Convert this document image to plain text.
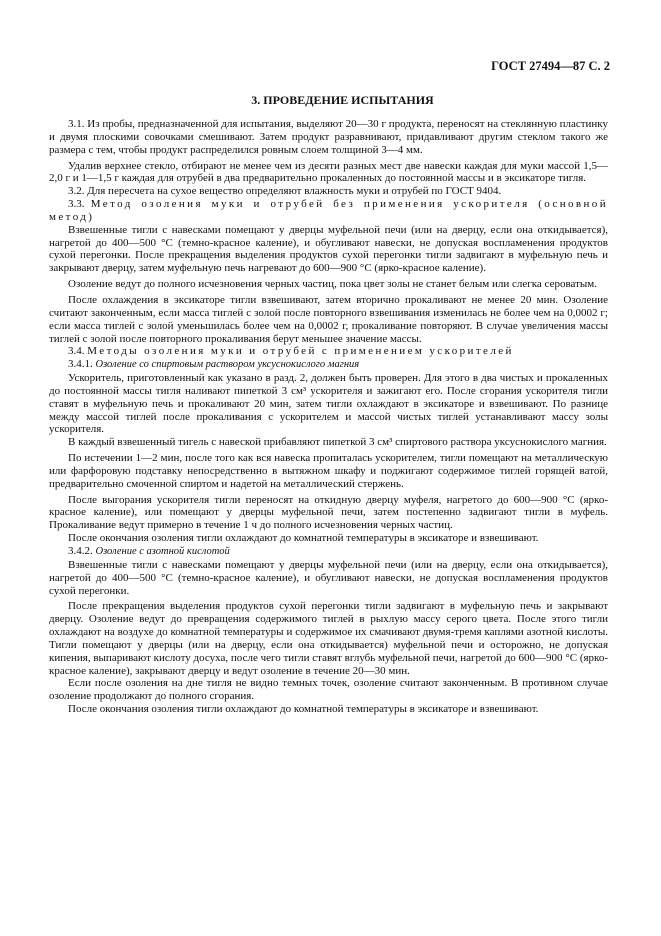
ГОСТ 27494—87 С. 2
3. ПРОВЕДЕНИЕ ИСПЫТАНИЯ

3.1. Из пробы, предназначенной для испытания, выделяют 20—30 г продукта, переносят на стеклянную пластинку и двумя плоскими совочками смешивают. Затем продукт разравнивают, придавливают другим стеклом такого же размера с тем, чтобы продукт распределился ровным слоем толщиной 3—4 мм.

Удалив верхнее стекло, отбирают не менее чем из десяти разных мест две навески каждая для муки массой 1,5—2,0 г и 1—1,5 г каждая для отрубей в два предварительно прокаленных до постоянной массы и в эксикаторе тигля.

3.2. Для пересчета на сухое вещество определяют влажность муки и отрубей по ГОСТ 9404.

3.3. Метод озоления муки и отрубей без применения ускорителя (основной метод)

Взвешенные тигли с навесками помещают у дверцы муфельной печи (или на дверцу, если она откидывается), нагретой до 400—500 °С (темно-красное каление), и обугливают навески, не допуская воспламенения продуктов сухой перегонки. После прекращения выделения продуктов сухой перегонки тигли задвигают в муфельную печь и закрывают дверцу, затем муфельную печь нагревают до 600—900 °С (ярко-красное каление).

Озоление ведут до полного исчезновения черных частиц, пока цвет золы не станет белым или слегка сероватым.

После охлаждения в эксикаторе тигли взвешивают, затем вторично прокаливают не менее 20 мин. Озоление считают законченным, если масса тиглей с золой после повторного взвешивания изменилась не более чем на 0,0002 г; если масса тиглей с золой уменьшилась более чем на 0,0002 г, прокаливание повторяют. В случае увеличения массы тиглей с золой после повторного прокаливания берут меньшее значение массы.

3.4. Методы озоления муки и отрубей с применением ускорителей

3.4.1. Озоление со спиртовым раствором уксуснокислого магния

Ускоритель, приготовленный как указано в разд. 2, должен быть проверен. Для этого в два чистых и прокаленных до постоянной массы тигля наливают пипеткой 3 см³ ускорителя и зажигают его. После сгорания ускорителя тигли ставят в муфельную печь и прокаливают 20 мин, затем тигли охлаждают в эксикаторе и взвешивают. По разнице между массой тиглей после прокаливания с ускорителем и массой чистых тиглей устанавливают массу золы ускорителя.

В каждый взвешенный тигель с навеской прибавляют пипеткой 3 см³ спиртового раствора уксуснокислого магния.

По истечении 1—2 мин, после того как вся навеска пропиталась ускорителем, тигли помещают на металлическую или фарфоровую подставку непосредственно в вытяжном шкафу и поджигают содержимое тиглей горящей ватой, предварительно смоченной спиртом и надетой на металлический стержень.

После выгорания ускорителя тигли переносят на откидную дверцу муфеля, нагретого до 600—900 °С (ярко-красное каление), или помещают у дверцы муфельной печи, затем постепенно задвигают тигли в муфель. Прокаливание ведут примерно в течение 1 ч до полного исчезновения черных частиц.

После окончания озоления тигли охлаждают до комнатной температуры в эксикаторе и взвешивают.

3.4.2. Озоление с азотной кислотой

Взвешенные тигли с навесками помещают у дверцы муфельной печи (или на дверцу, если она откидывается), нагретой до 400—500 °С (темно-красное каление), и обугливают навески, не допуская воспламенения продуктов сухой перегонки.

После прекращения выделения продуктов сухой перегонки тигли задвигают в муфельную печь и закрывают дверцу. Озоление ведут до превращения содержимого тиглей в рыхлую массу серого цвета. После этого тигли охлаждают на воздухе до комнатной температуры и содержимое их смачивают двумя-тремя каплями азотной кислоты. Тигли помещают у дверцы (или на дверцу, если она откидывается) муфельной печи и осторожно, не допуская кипения, выпаривают кислоту досуха, после чего тигли ставят вглубь муфельной печи, нагретой до 600—900 °С (ярко-красное каление), закрывают дверцу и ведут озоление в течение 20—30 мин.

Если после озоления на дне тигля не видно темных точек, озоление считают законченным. В противном случае озоление продолжают до полного сгорания.

После окончания озоления тигли охлаждают до комнатной температуры в эксикаторе и взвешивают.
